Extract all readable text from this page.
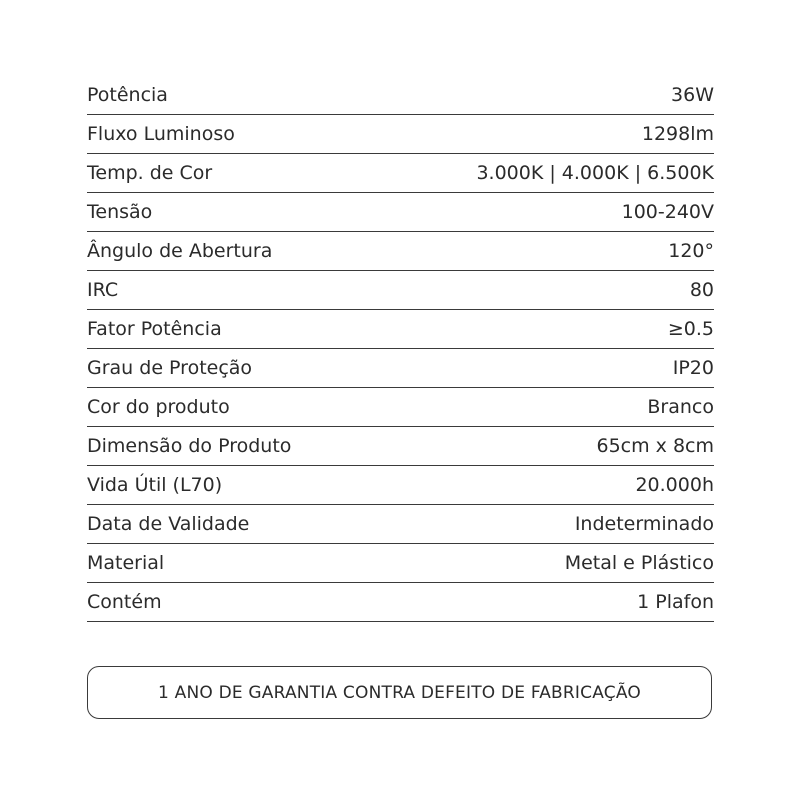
Potência	36W
Fluxo Luminoso	1298lm
Temp. de Cor	3.000K | 4.000K | 6.500K
Tensão	100-240V
Ângulo de Abertura	120°
IRC	80
Fator Potência	≥0.5
Grau de Proteção	IP20
Cor do produto	Branco
Dimensão do Produto	65cm x 8cm
Vida Útil (L70)	20.000h
Data de Validade	Indeterminado
Material	Metal e Plástico
Contém	1 Plafon
1 ANO DE GARANTIA CONTRA DEFEITO DE FABRICAÇÃO
